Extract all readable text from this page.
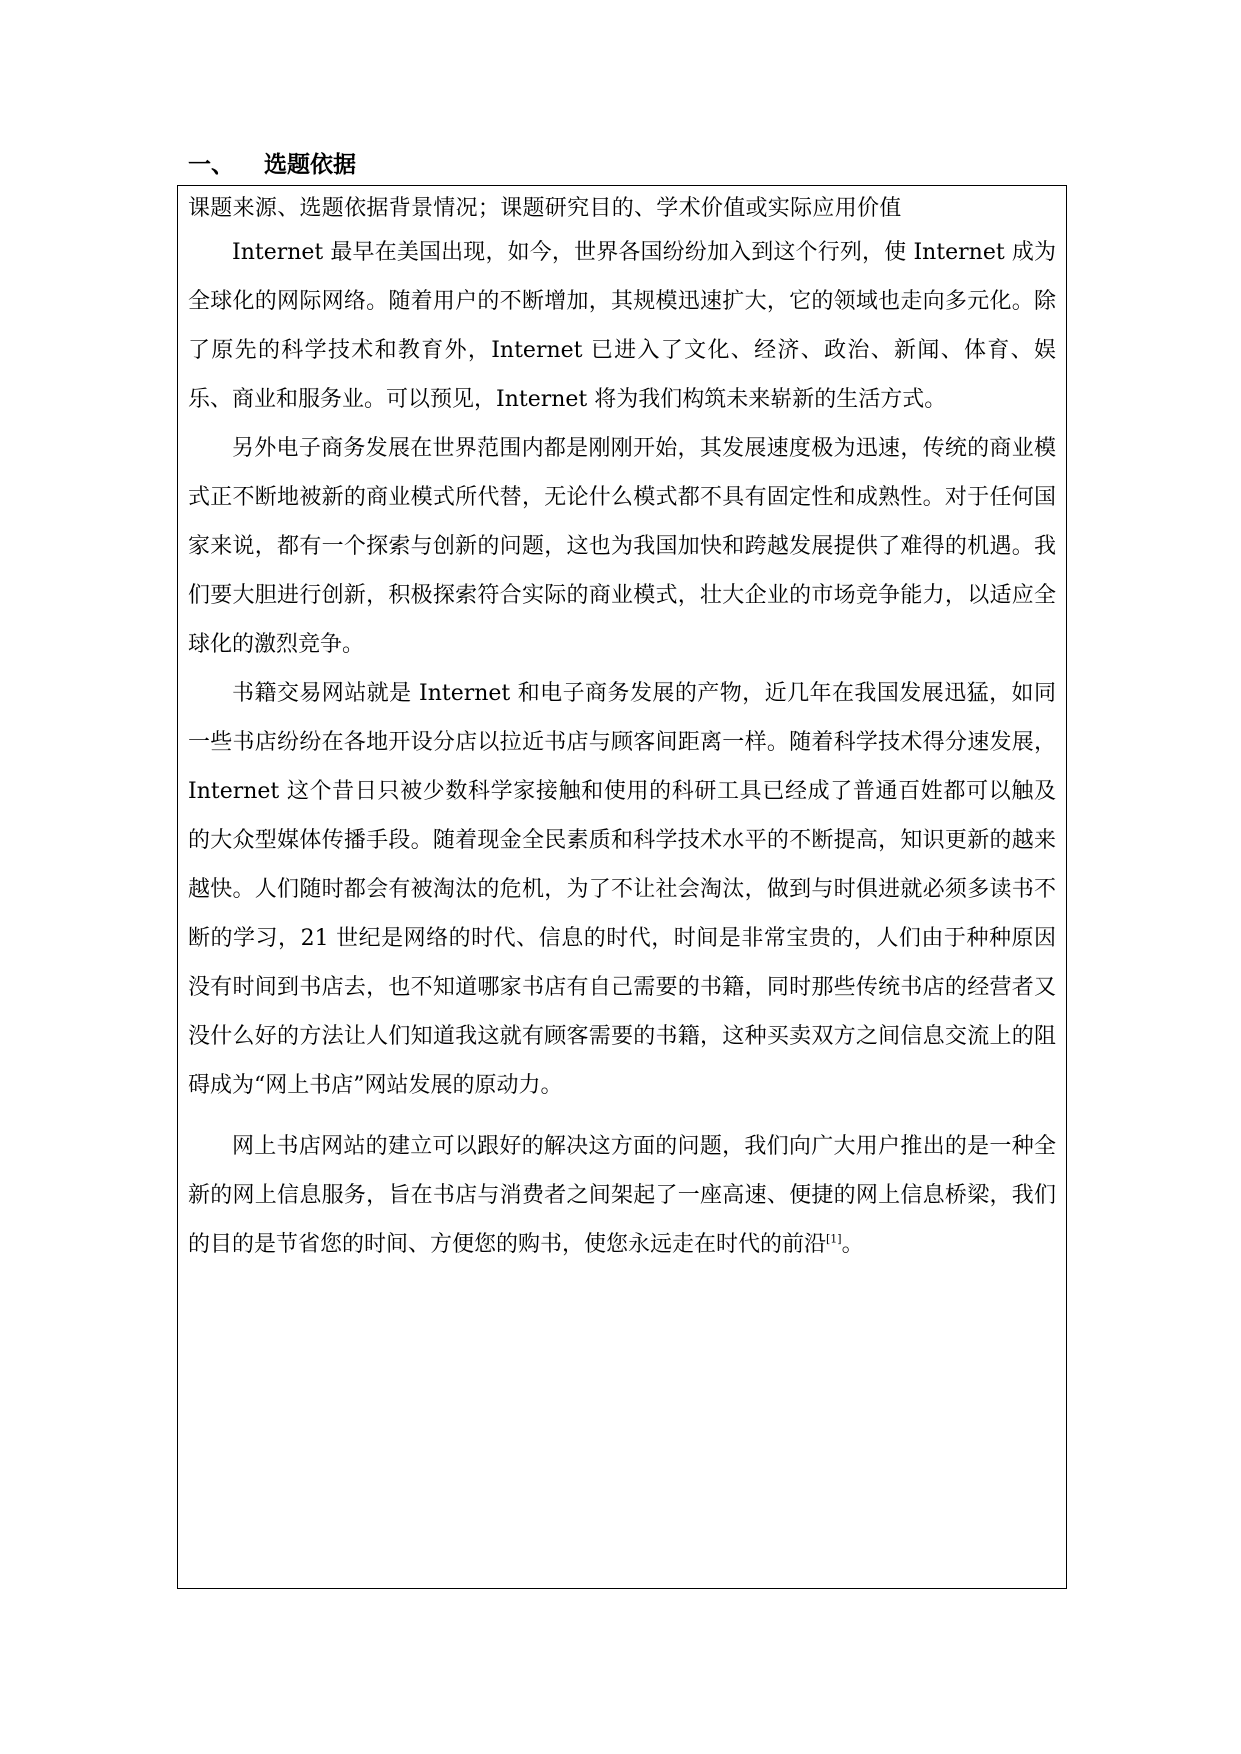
一、 选题依据
课题来源、选题依据背景情况；课题研究目的、学术价值或实际应用价值

Internet 最早在美国出现，如今，世界各国纷纷加入到这个行列，使 Internet 成为全球化的网际网络。随着用户的不断增加，其规模迅速扩大，它的领域也走向多元化。除了原先的科学技术和教育外，Internet 已进入了文化、经济、政治、新闻、体育、娱乐、商业和服务业。可以预见，Internet 将为我们构筑未来崭新的生活方式。

另外电子商务发展在世界范围内都是刚刚开始，其发展速度极为迅速，传统的商业模式正不断地被新的商业模式所代替，无论什么模式都不具有固定性和成熟性。对于任何国家来说，都有一个探索与创新的问题，这也为我国加快和跨越发展提供了难得的机遇。我们要大胆进行创新，积极探索符合实际的商业模式，壮大企业的市场竞争能力，以适应全球化的激烈竞争。

书籍交易网站就是 Internet 和电子商务发展的产物，近几年在我国发展迅猛，如同一些书店纷纷在各地开设分店以拉近书店与顾客间距离一样。随着科学技术得分速发展，Internet 这个昔日只被少数科学家接触和使用的科研工具已经成了普通百姓都可以触及的大众型媒体传播手段。随着现金全民素质和科学技术水平的不断提高，知识更新的越来越快。人们随时都会有被淘汰的危机，为了不让社会淘汰，做到与时俱进就必须多读书不断的学习，21 世纪是网络的时代、信息的时代，时间是非常宝贵的，人们由于种种原因没有时间到书店去，也不知道哪家书店有自己需要的书籍，同时那些传统书店的经营者又没什么好的方法让人们知道我这就有顾客需要的书籍，这种买卖双方之间信息交流上的阻碍成为“网上书店”网站发展的原动力。

网上书店网站的建立可以跟好的解决这方面的问题，我们向广大用户推出的是一种全新的网上信息服务，旨在书店与消费者之间架起了一座高速、便捷的网上信息桥梁，我们的目的是节省您的时间、方便您的购书，使您永远走在时代的前沿[1]。
